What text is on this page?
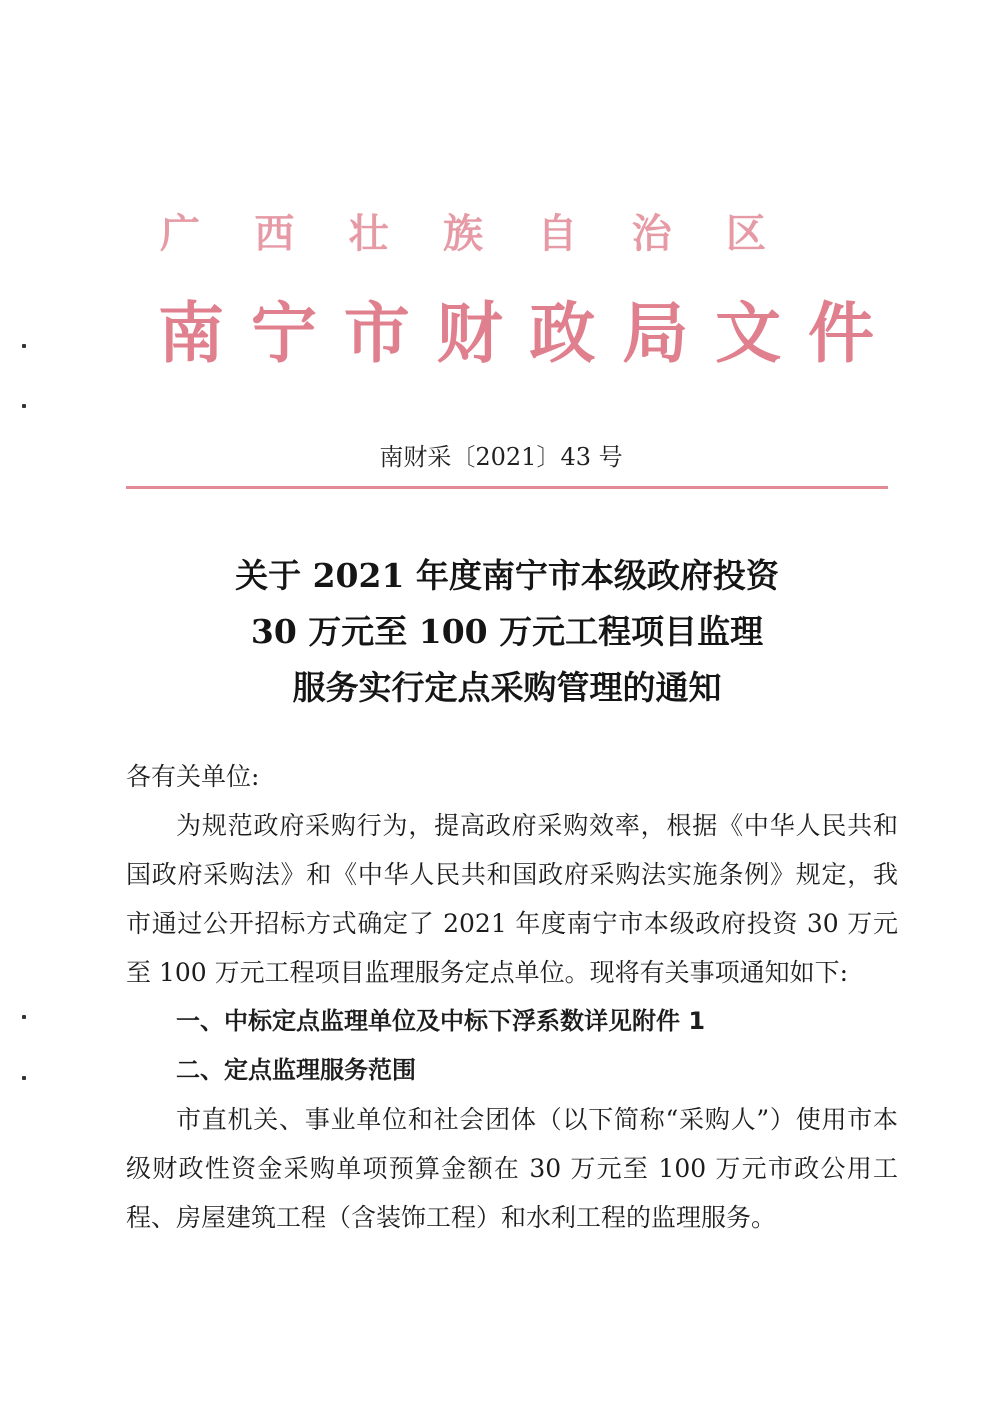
广西壮族自治区
南宁市财政局文件
南财采〔2021〕43 号
关于 2021 年度南宁市本级政府投资
30 万元至 100 万元工程项目监理
服务实行定点采购管理的通知

各有关单位:

为规范政府采购行为，提高政府采购效率，根据《中华人民共和国政府采购法》和《中华人民共和国政府采购法实施条例》规定，我市通过公开招标方式确定了 2021 年度南宁市本级政府投资 30 万元至 100 万元工程项目监理服务定点单位。现将有关事项通知如下:

一、中标定点监理单位及中标下浮系数详见附件 1

二、定点监理服务范围

市直机关、事业单位和社会团体（以下简称“采购人”）使用市本级财政性资金采购单项预算金额在 30 万元至 100 万元市政公用工程、房屋建筑工程（含装饰工程）和水利工程的监理服务。
